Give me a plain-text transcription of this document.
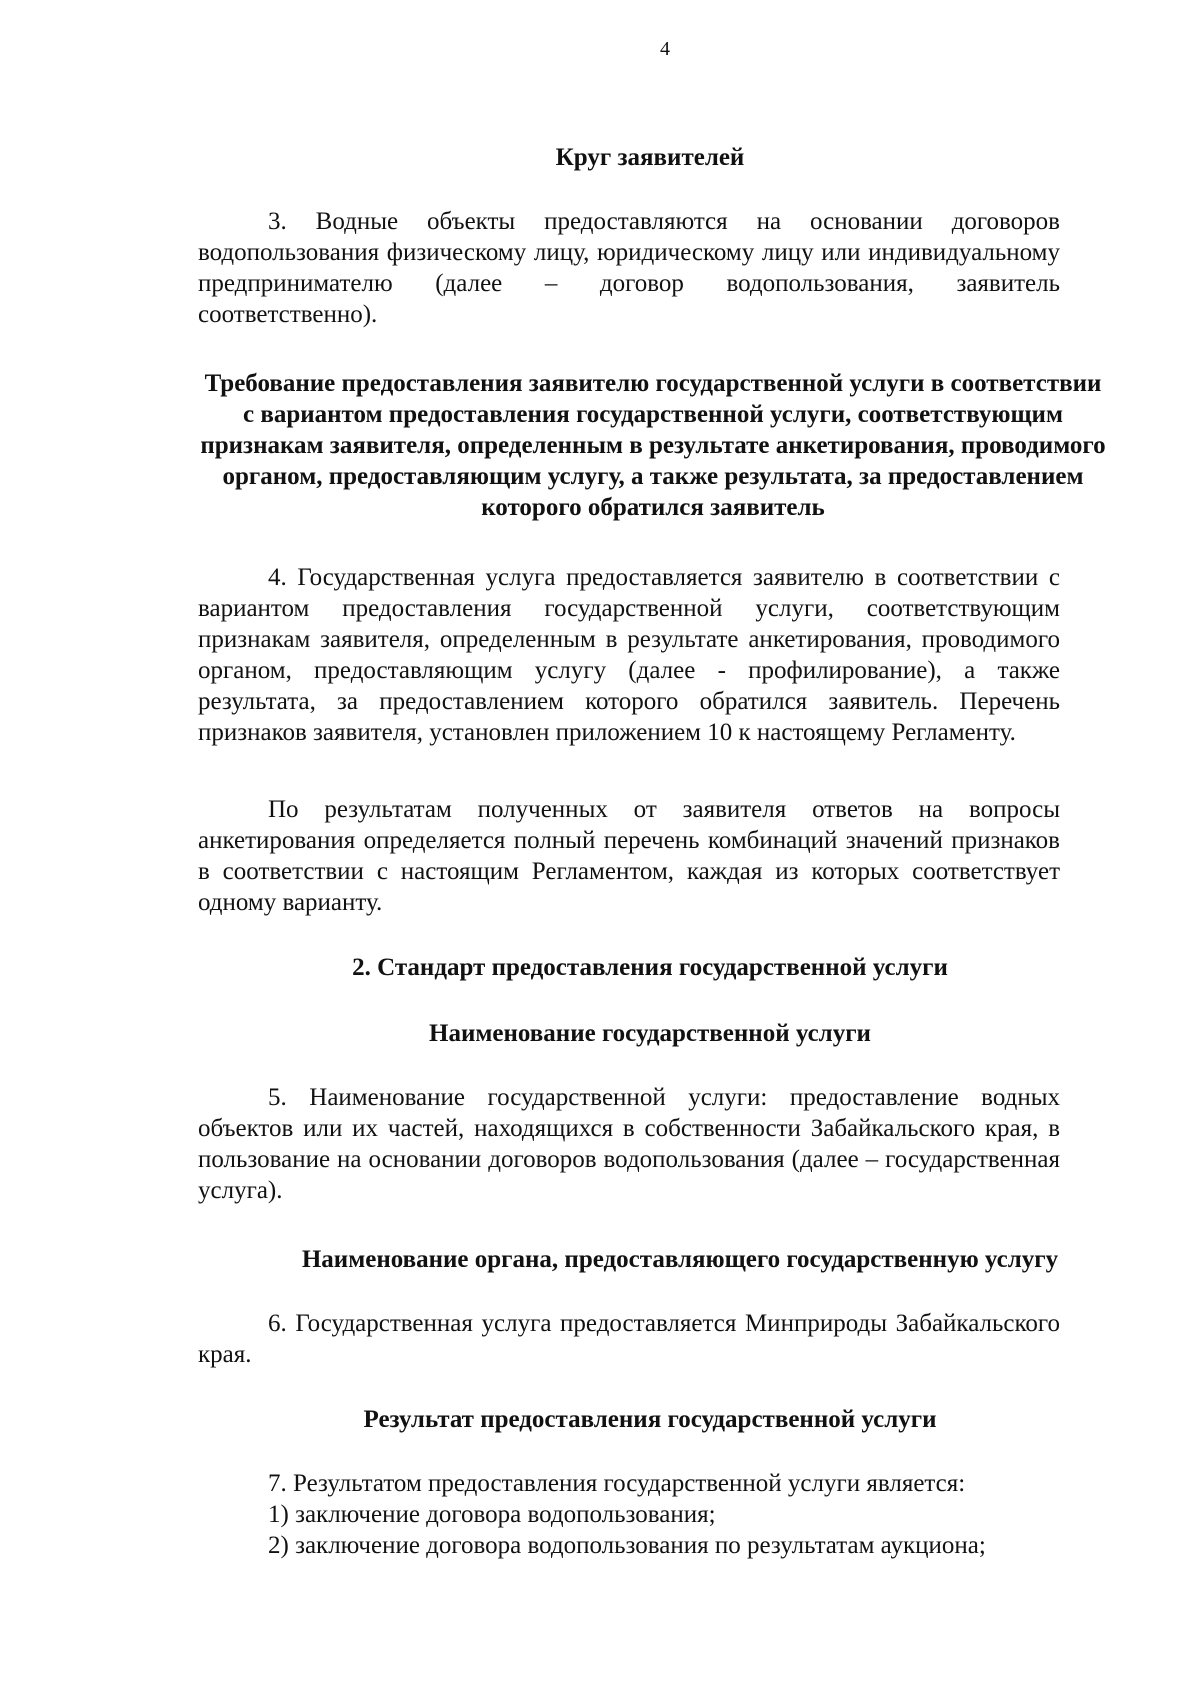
4
Круг заявителей

3. Водные объекты предоставляются на основании договоров водопользования физическому лицу, юридическому лицу или индивидуальному предпринимателю (далее – договор водопользования, заявитель соответственно).

Требование предоставления заявителю государственной услуги в соответствии с вариантом предоставления государственной услуги, соответствующим признакам заявителя, определенным в результате анкетирования, проводимого органом, предоставляющим услугу, а также результата, за предоставлением которого обратился заявитель

4. Государственная услуга предоставляется заявителю в соответствии с вариантом предоставления государственной услуги, соответствующим признакам заявителя, определенным в результате анкетирования, проводимого органом, предоставляющим услугу (далее - профилирование), а также результата, за предоставлением которого обратился заявитель. Перечень признаков заявителя, установлен приложением 10 к настоящему Регламенту.

По результатам полученных от заявителя ответов на вопросы анкетирования определяется полный перечень комбинаций значений признаков в соответствии с настоящим Регламентом, каждая из которых соответствует одному варианту.

2. Стандарт предоставления государственной услуги
Наименование государственной услуги

5. Наименование государственной услуги: предоставление водных объектов или их частей, находящихся в собственности Забайкальского края, в пользование на основании договоров водопользования (далее – государственная услуга).

Наименование органа, предоставляющего государственную услугу

6. Государственная услуга предоставляется Минприроды Забайкальского края.

Результат предоставления государственной услуги

7. Результатом предоставления государственной услуги является:

1) заключение договора водопользования;

2) заключение договора водопользования по результатам аукциона;
